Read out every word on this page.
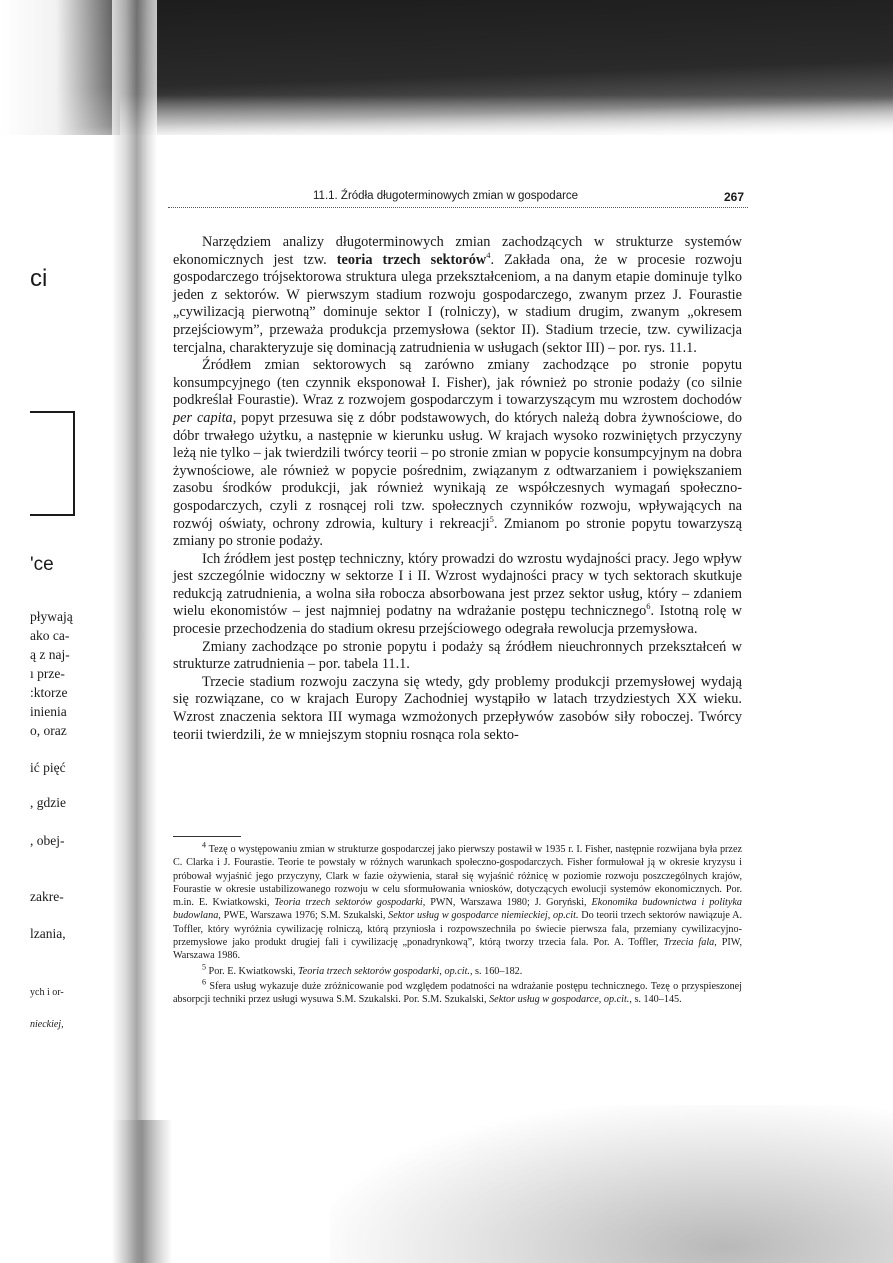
ci
'ce
pływają
ako ca-
ą z naj-
ı prze-
:ktorze
inienia
o, oraz
ić pięć
, gdzie
, obej-
zakre-
lzania,
ych i or-
nieckiej,
11.1. Źródła długoterminowych zmian w gospodarce	267

Narzędziem analizy długoterminowych zmian zachodzących w strukturze systemów ekonomicznych jest tzw. teoria trzech sektorów$^4$. Zakłada ona, że w procesie rozwoju gospodarczego trójsektorowa struktura ulega przekształceniom, a na danym etapie dominuje tylko jeden z sektorów. W pierwszym stadium rozwoju gospodarczego, zwanym przez J. Fourastie „cywilizacją pierwotną” dominuje sektor I (rolniczy), w stadium drugim, zwanym „okresem przejściowym”, przeważa produkcja przemysłowa (sektor II). Stadium trzecie, tzw. cywilizacja tercjalna, charakteryzuje się dominacją zatrudnienia w usługach (sektor III) – por. rys. 11.1.

Źródłem zmian sektorowych są zarówno zmiany zachodzące po stronie popytu konsumpcyjnego (ten czynnik eksponował I. Fisher), jak również po stronie podaży (co silnie podkreślał Fourastie). Wraz z rozwojem gospodarczym i towarzyszącym mu wzrostem dochodów per capita, popyt przesuwa się z dóbr podstawowych, do których należą dobra żywnościowe, do dóbr trwałego użytku, a następnie w kierunku usług. W krajach wysoko rozwiniętych przyczyny leżą nie tylko – jak twierdzili twórcy teorii – po stronie zmian w popycie konsumpcyjnym na dobra żywnościowe, ale również w popycie pośrednim, związanym z odtwarzaniem i powiększaniem zasobu środków produkcji, jak również wynikają ze współczesnych wymagań społeczno-gospodarczych, czyli z rosnącej roli tzw. społecznych czynników rozwoju, wpływających na rozwój oświaty, ochrony zdrowia, kultury i rekreacji$^5$. Zmianom po stronie popytu towarzyszą zmiany po stronie podaży.

Ich źródłem jest postęp techniczny, który prowadzi do wzrostu wydajności pracy. Jego wpływ jest szczególnie widoczny w sektorze I i II. Wzrost wydajności pracy w tych sektorach skutkuje redukcją zatrudnienia, a wolna siła robocza absorbowana jest przez sektor usług, który – zdaniem wielu ekonomistów – jest najmniej podatny na wdrażanie postępu technicznego$^6$. Istotną rolę w procesie przechodzenia do stadium okresu przejściowego odegrała rewolucja przemysłowa.

Zmiany zachodzące po stronie popytu i podaży są źródłem nieuchronnych przekształceń w strukturze zatrudnienia – por. tabela 11.1.

Trzecie stadium rozwoju zaczyna się wtedy, gdy problemy produkcji przemysłowej wydają się rozwiązane, co w krajach Europy Zachodniej wystąpiło w latach trzydziestych XX wieku. Wzrost znaczenia sektora III wymaga wzmożonych przepływów zasobów siły roboczej. Twórcy teorii twierdzili, że w mniejszym stopniu rosnąca rola sekto-

$^4$ Tezę o występowaniu zmian w strukturze gospodarczej jako pierwszy postawił w 1935 r. I. Fisher, następnie rozwijana była przez C. Clarka i J. Fourastie. Teorie te powstały w różnych warunkach społeczno-gospodarczych. Fisher formułował ją w okresie kryzysu i próbował wyjaśnić jego przyczyny, Clark w fazie ożywienia, starał się wyjaśnić różnicę w poziomie rozwoju poszczególnych krajów, Fourastie w okresie ustabilizowanego rozwoju w celu sformułowania wniosków, dotyczących ewolucji systemów ekonomicznych. Por. m.in. E. Kwiatkowski, Teoria trzech sektorów gospodarki, PWN, Warszawa 1980; J. Goryński, Ekonomika budownictwa i polityka budowlana, PWE, Warszawa 1976; S.M. Szukalski, Sektor usług w gospodarce niemieckiej, op.cit. Do teorii trzech sektorów nawiązuje A. Toffler, który wyróżnia cywilizację rolniczą, którą przyniosła i rozpowszechniła po świecie pierwsza fala, przemiany cywilizacyjno-przemysłowe jako produkt drugiej fali i cywilizację „ponadrynkową”, którą tworzy trzecia fala. Por. A. Toffler, Trzecia fala, PIW, Warszawa 1986.

$^5$ Por. E. Kwiatkowski, Teoria trzech sektorów gospodarki, op.cit., s. 160–182.

$^6$ Sfera usług wykazuje duże zróżnicowanie pod względem podatności na wdrażanie postępu technicznego. Tezę o przyspieszonej absorpcji techniki przez usługi wysuwa S.M. Szukalski. Por. S.M. Szukalski, Sektor usług w gospodarce, op.cit., s. 140–145.
